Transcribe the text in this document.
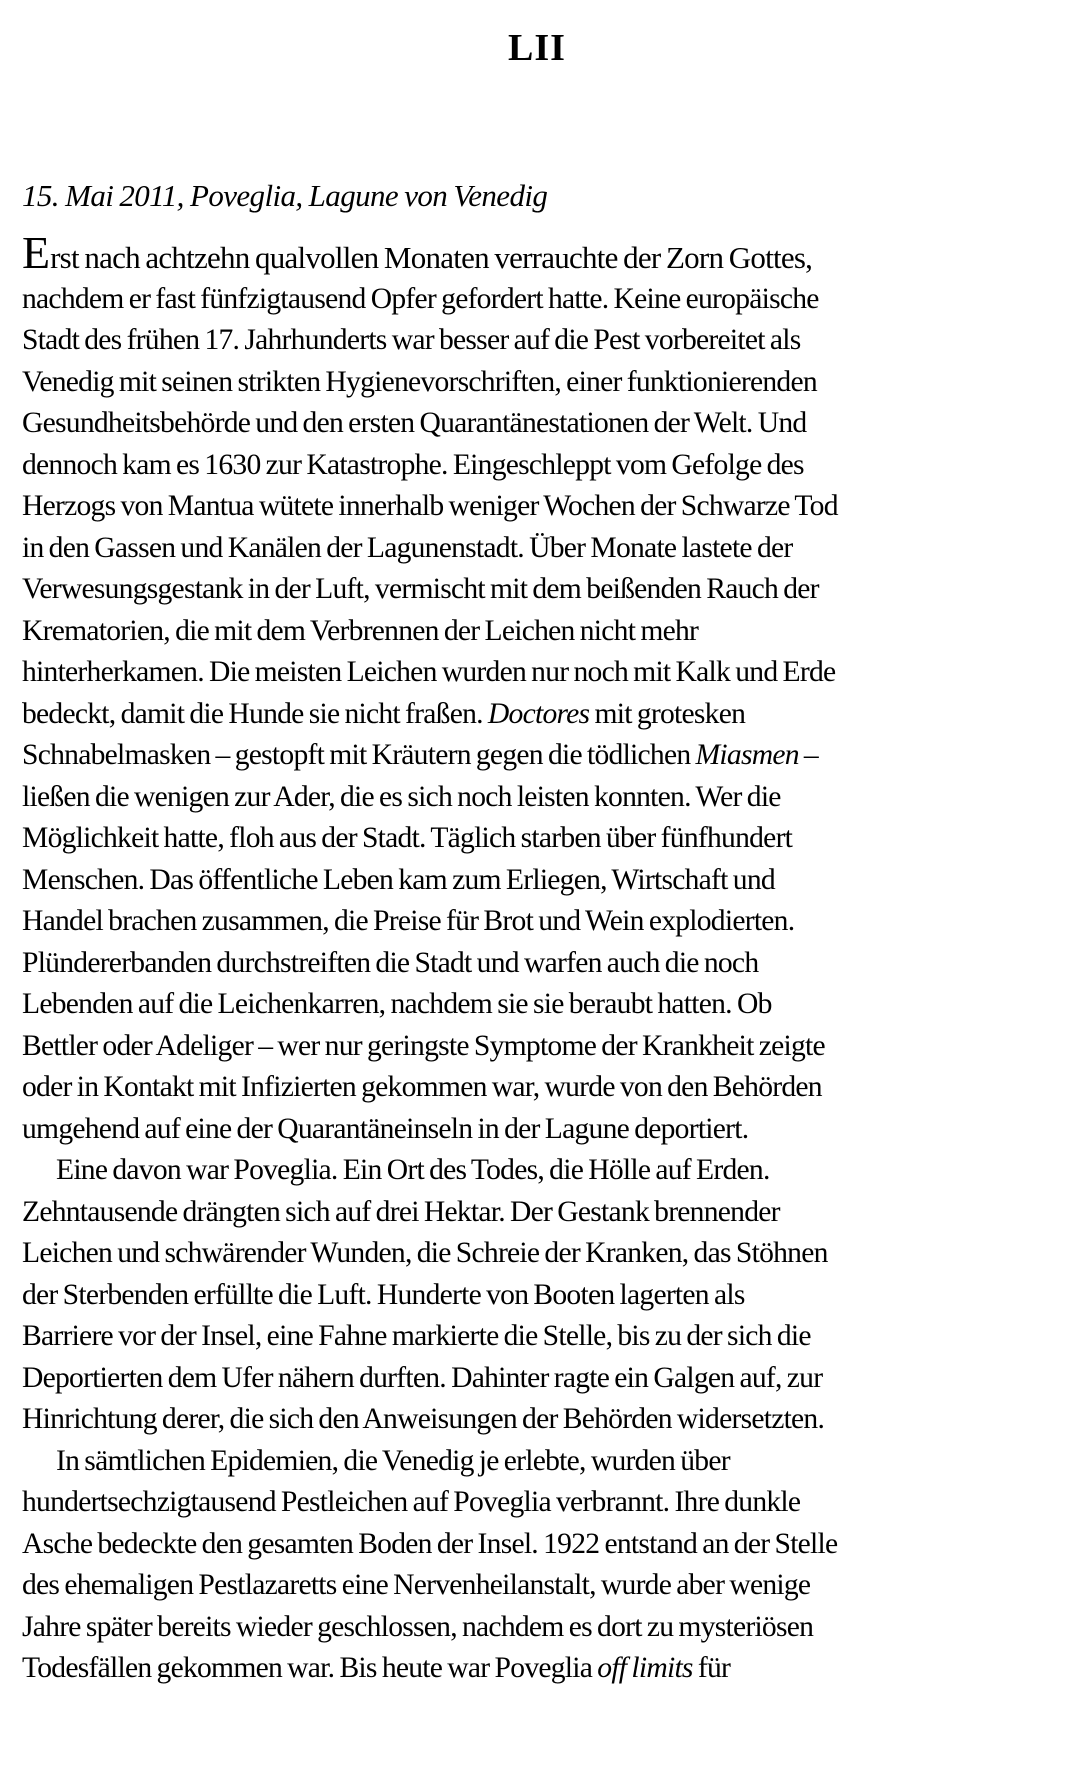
LII
15. Mai 2011, Poveglia, Lagune von Venedig
Erst nach achtzehn qualvollen Monaten verrauchte der Zorn Gottes,
nachdem er fast fünfzigtausend Opfer gefordert hatte. Keine europäische
Stadt des frühen 17. Jahrhunderts war besser auf die Pest vorbereitet als
Venedig mit seinen strikten Hygienevorschriften, einer funktionierenden
Gesundheitsbehörde und den ersten Quarantänestationen der Welt. Und
dennoch kam es 1630 zur Katastrophe. Eingeschleppt vom Gefolge des
Herzogs von Mantua wütete innerhalb weniger Wochen der Schwarze Tod
in den Gassen und Kanälen der Lagunenstadt. Über Monate lastete der
Verwesungsgestank in der Luft, vermischt mit dem beißenden Rauch der
Krematorien, die mit dem Verbrennen der Leichen nicht mehr
hinterherkamen. Die meisten Leichen wurden nur noch mit Kalk und Erde
bedeckt, damit die Hunde sie nicht fraßen. Doctores mit grotesken
Schnabelmasken – gestopft mit Kräutern gegen die tödlichen Miasmen –
ließen die wenigen zur Ader, die es sich noch leisten konnten. Wer die
Möglichkeit hatte, floh aus der Stadt. Täglich starben über fünfhundert
Menschen. Das öffentliche Leben kam zum Erliegen, Wirtschaft und
Handel brachen zusammen, die Preise für Brot und Wein explodierten.
Plündererbanden durchstreiften die Stadt und warfen auch die noch
Lebenden auf die Leichenkarren, nachdem sie sie beraubt hatten. Ob
Bettler oder Adeliger – wer nur geringste Symptome der Krankheit zeigte
oder in Kontakt mit Infizierten gekommen war, wurde von den Behörden
umgehend auf eine der Quarantäneinseln in der Lagune deportiert.
Eine davon war Poveglia. Ein Ort des Todes, die Hölle auf Erden.
Zehntausende drängten sich auf drei Hektar. Der Gestank brennender
Leichen und schwärender Wunden, die Schreie der Kranken, das Stöhnen
der Sterbenden erfüllte die Luft. Hunderte von Booten lagerten als
Barriere vor der Insel, eine Fahne markierte die Stelle, bis zu der sich die
Deportierten dem Ufer nähern durften. Dahinter ragte ein Galgen auf, zur
Hinrichtung derer, die sich den Anweisungen der Behörden widersetzten.
In sämtlichen Epidemien, die Venedig je erlebte, wurden über
hundertsechzigtausend Pestleichen auf Poveglia verbrannt. Ihre dunkle
Asche bedeckte den gesamten Boden der Insel. 1922 entstand an der Stelle
des ehemaligen Pestlazaretts eine Nervenheilanstalt, wurde aber wenige
Jahre später bereits wieder geschlossen, nachdem es dort zu mysteriösen
Todesfällen gekommen war. Bis heute war Poveglia off limits für
